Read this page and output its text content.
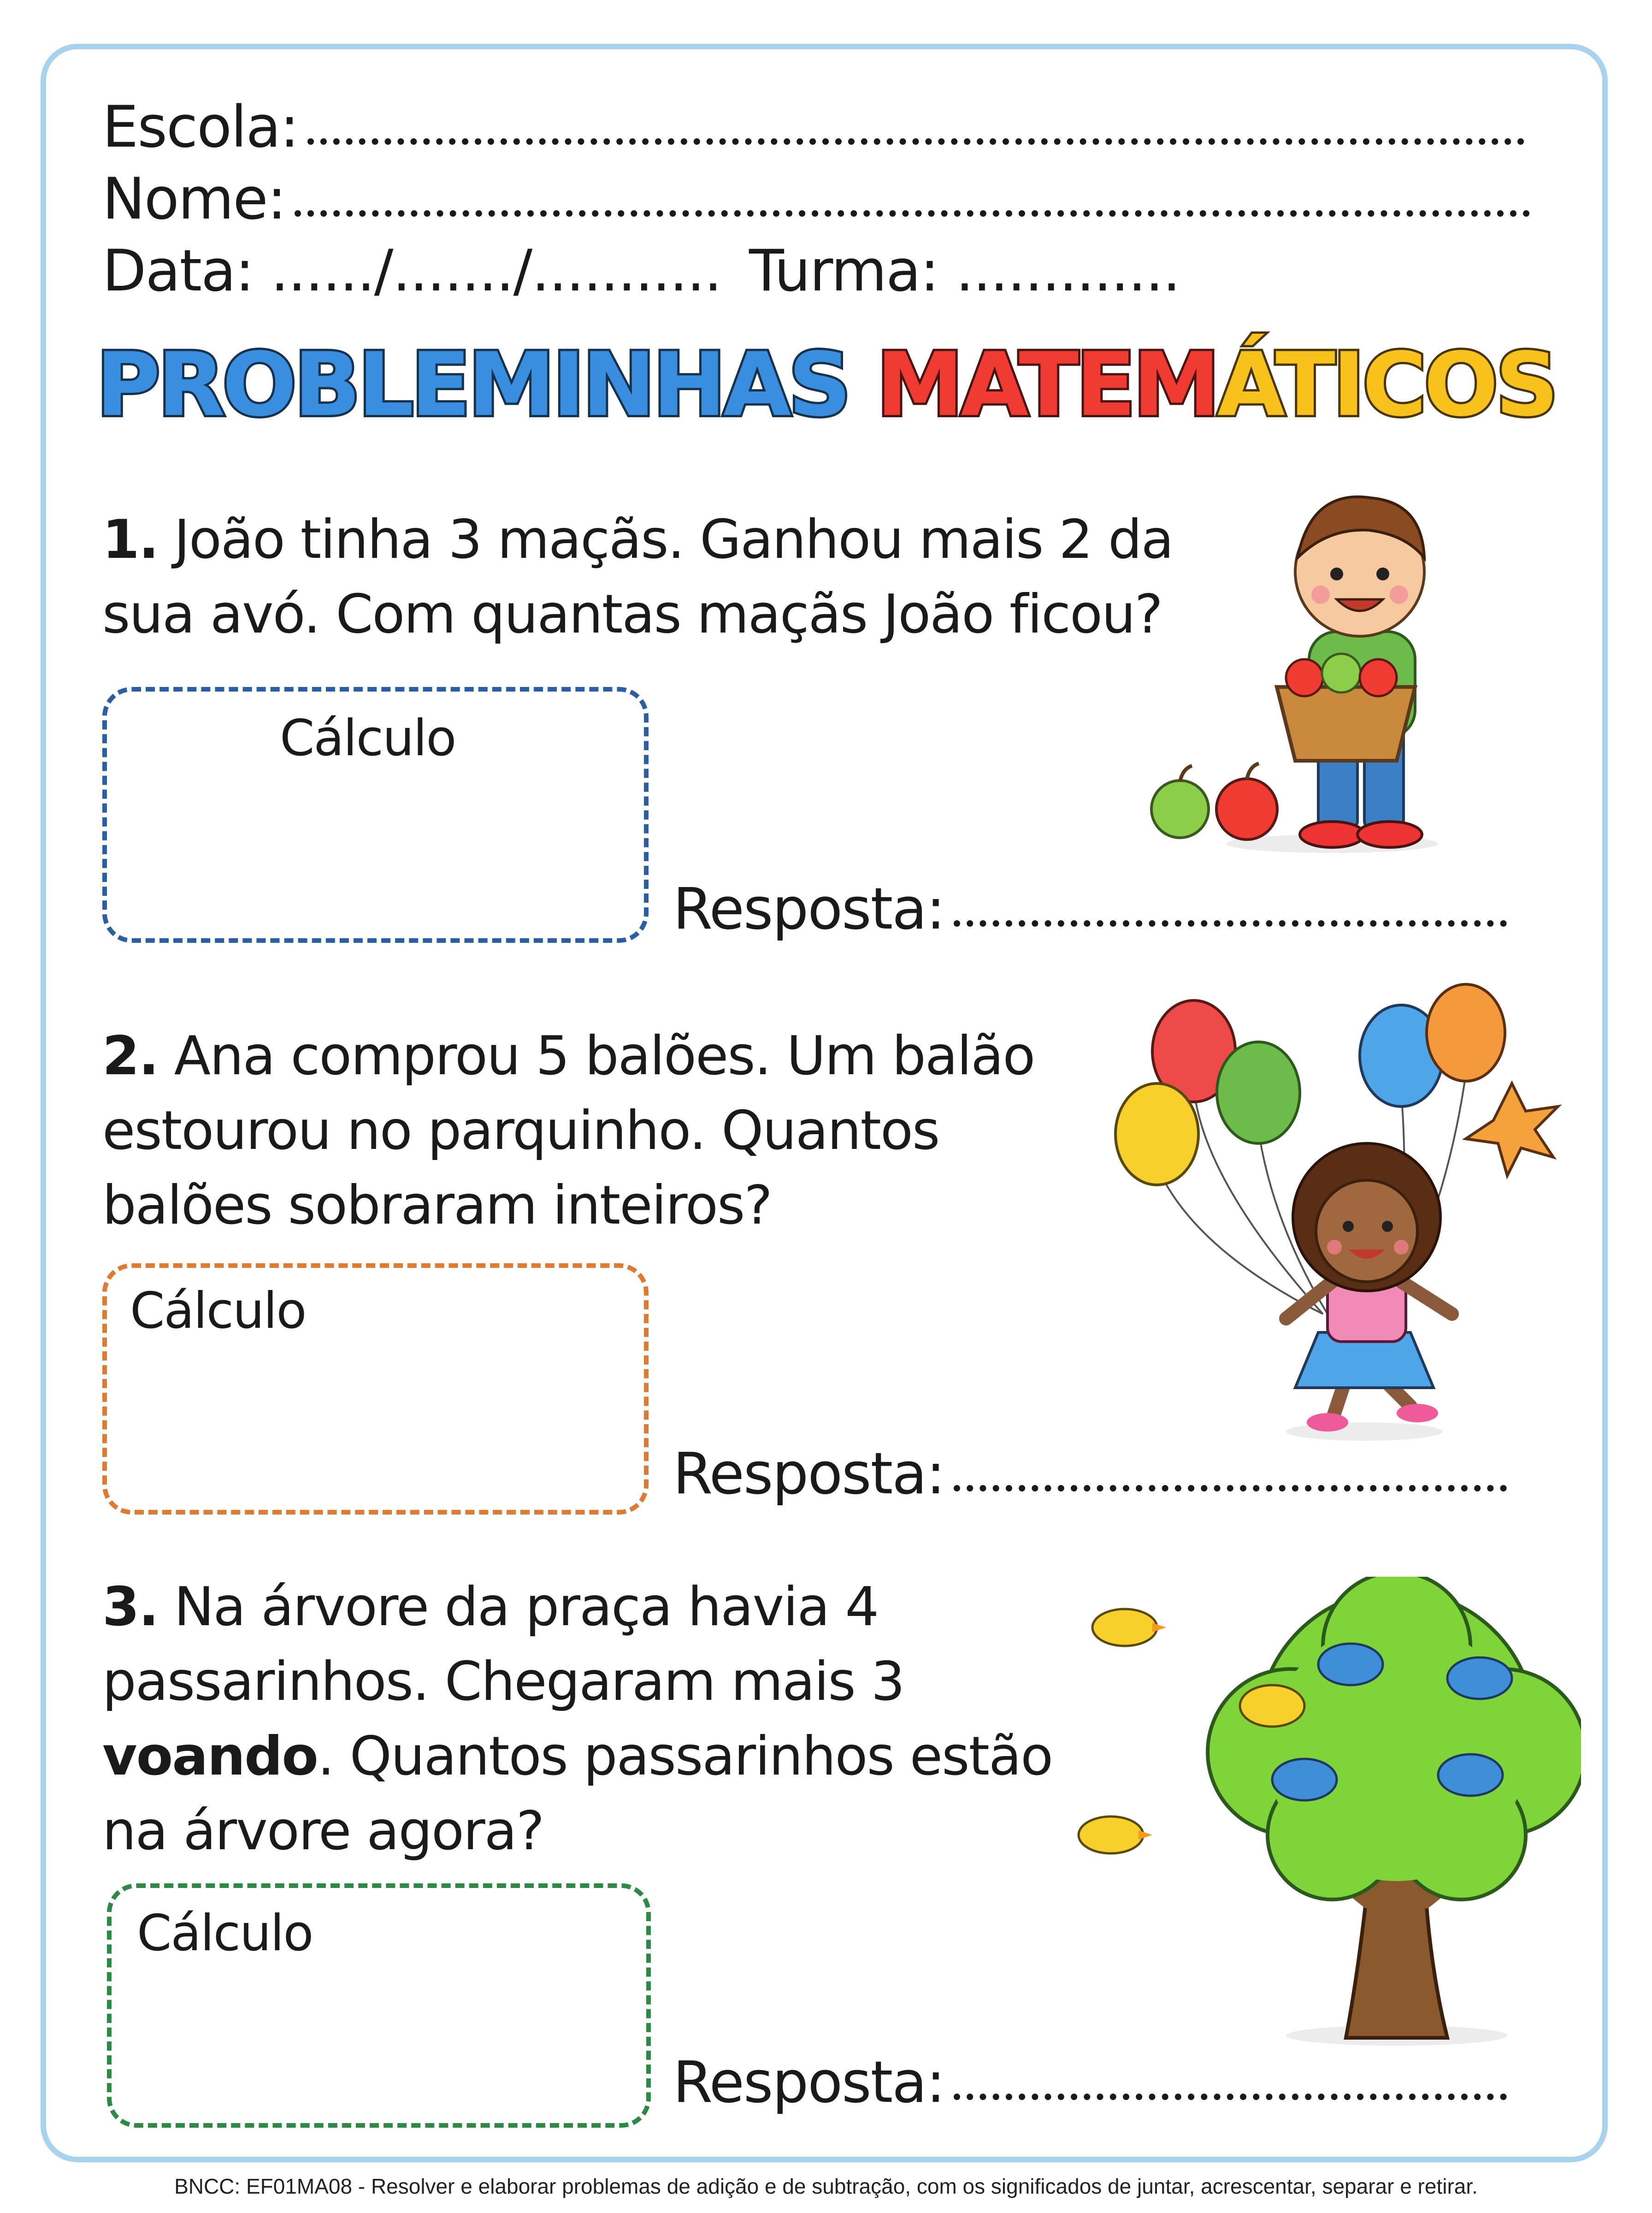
Escola:
Nome:
Data: ....../......./........... Turma: .............
PROBLEMINHAS MATEMÁTICOS
1. João tinha 3 maçãs. Ganhou mais 2 da sua avó. Com quantas maçãs João ficou?
Cálculo
Resposta:
2. Ana comprou 5 balões. Um balão estourou no parquinho. Quantos balões sobraram inteiros?
Cálculo
Resposta:
3. Na árvore da praça havia 4 passarinhos. Chegaram mais 3 voando. Quantos passarinhos estão na árvore agora?
Cálculo
Resposta:
BNCC: EF01MA08 - Resolver e elaborar problemas de adição e de subtração, com os significados de juntar, acrescentar, separar e retirar.
